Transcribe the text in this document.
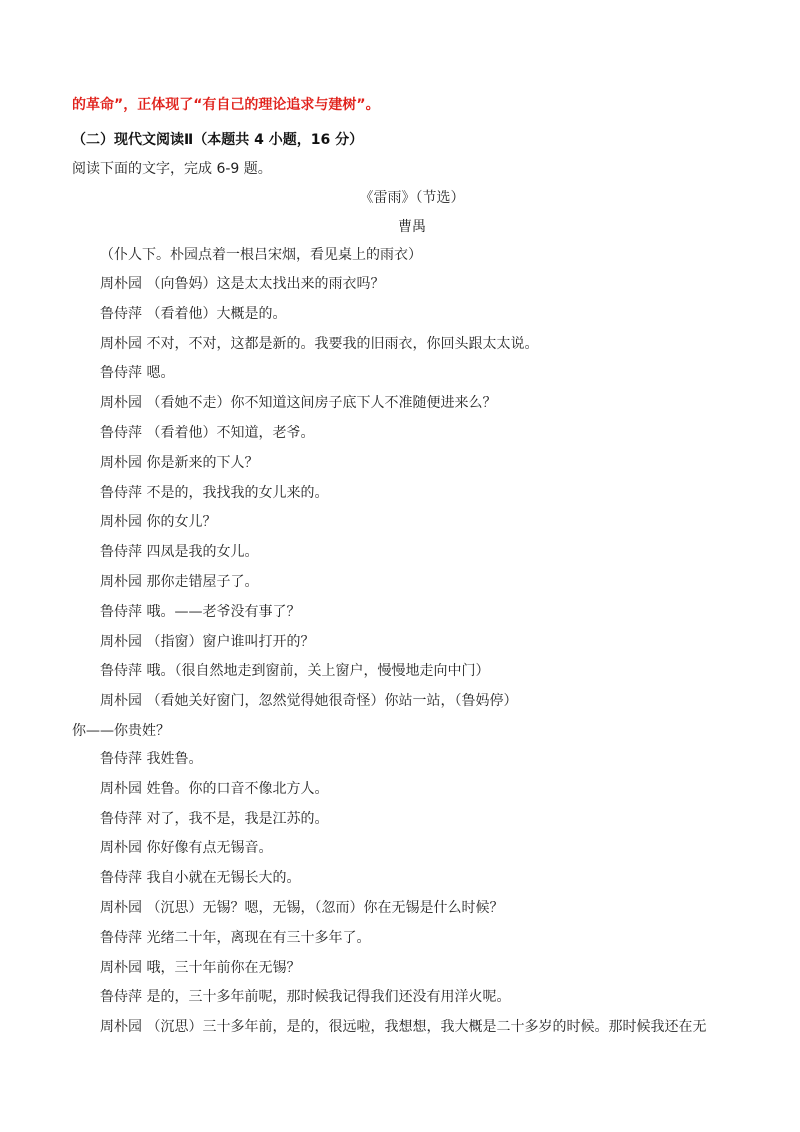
的革命”，正体现了“有自己的理论追求与建树”。
（二）现代文阅读Ⅱ（本题共 4 小题，16 分）
阅读下面的文字，完成 6-9 题。
《雷雨》（节选）
曹禺
（仆人下。朴园点着一根吕宋烟，看见桌上的雨衣）
周朴园 （向鲁妈）这是太太找出来的雨衣吗？
鲁侍萍 （看着他）大概是的。
周朴园 不对，不对，这都是新的。我要我的旧雨衣，你回头跟太太说。
鲁侍萍 嗯。
周朴园 （看她不走）你不知道这间房子底下人不准随便进来么？
鲁侍萍 （看着他）不知道，老爷。
周朴园 你是新来的下人？
鲁侍萍 不是的，我找我的女儿来的。
周朴园 你的女儿？
鲁侍萍 四凤是我的女儿。
周朴园 那你走错屋子了。
鲁侍萍 哦。——老爷没有事了？
周朴园 （指窗）窗户谁叫打开的？
鲁侍萍 哦。（很自然地走到窗前，关上窗户，慢慢地走向中门）
周朴园 （看她关好窗门，忽然觉得她很奇怪）你站一站，（鲁妈停）
你——你贵姓？
鲁侍萍 我姓鲁。
周朴园 姓鲁。你的口音不像北方人。
鲁侍萍 对了，我不是，我是江苏的。
周朴园 你好像有点无锡音。
鲁侍萍 我自小就在无锡长大的。
周朴园 （沉思）无锡？嗯，无锡，（忽而）你在无锡是什么时候？
鲁侍萍 光绪二十年，离现在有三十多年了。
周朴园 哦，三十年前你在无锡？
鲁侍萍 是的，三十多年前呢，那时候我记得我们还没有用洋火呢。
周朴园 （沉思）三十多年前，是的，很远啦，我想想，我大概是二十多岁的时候。那时候我还在无
